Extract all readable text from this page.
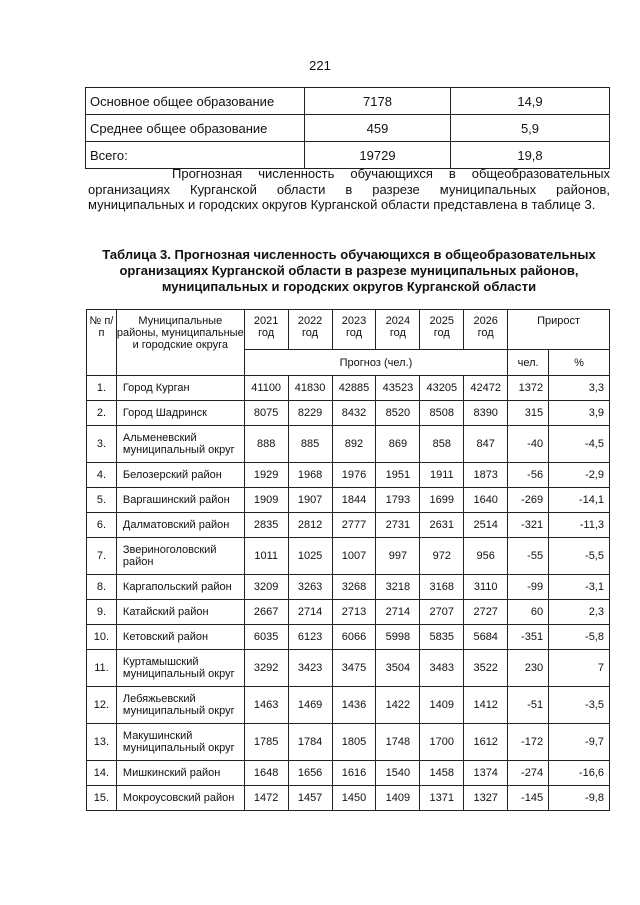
221
Основное общее образование	7178	14,9
Среднее общее образование	459	5,9
Всего:	19729	19,8
Прогнозная численность обучающихся в общеобразовательных организациях Курганской области в разрезе муниципальных районов, муниципальных и городских округов Курганской области представлена в таблице 3.
Таблица 3. Прогнозная численность обучающихся в общеобразовательных организациях Курганской области в разрезе муниципальных районов, муниципальных и городских округов Курганской области
№ п/п	Муниципальные районы, муниципальные и городские округа	2021 год	2022 год	2023 год	2024 год	2025 год	2026 год	Прирост	
		Прогноз (чел.)						чел.	%
1.	Город Курган	41100	41830	42885	43523	43205	42472	1372	3,3
2.	Город Шадринск	8075	8229	8432	8520	8508	8390	315	3,9
3.	Альменевский муниципальный округ	888	885	892	869	858	847	-40	-4,5
4.	Белозерский район	1929	1968	1976	1951	1911	1873	-56	-2,9
5.	Варгашинский район	1909	1907	1844	1793	1699	1640	-269	-14,1
6.	Далматовский район	2835	2812	2777	2731	2631	2514	-321	-11,3
7.	Звериноголовский район	1011	1025	1007	997	972	956	-55	-5,5
8.	Каргапольский район	3209	3263	3268	3218	3168	3110	-99	-3,1
9.	Катайский район	2667	2714	2713	2714	2707	2727	60	2,3
10.	Кетовский район	6035	6123	6066	5998	5835	5684	-351	-5,8
11.	Куртамышский муниципальный округ	3292	3423	3475	3504	3483	3522	230	7
12.	Лебяжьевский муниципальный округ	1463	1469	1436	1422	1409	1412	-51	-3,5
13.	Макушинский муниципальный округ	1785	1784	1805	1748	1700	1612	-172	-9,7
14.	Мишкинский район	1648	1656	1616	1540	1458	1374	-274	-16,6
15.	Мокроусовский район	1472	1457	1450	1409	1371	1327	-145	-9,8
